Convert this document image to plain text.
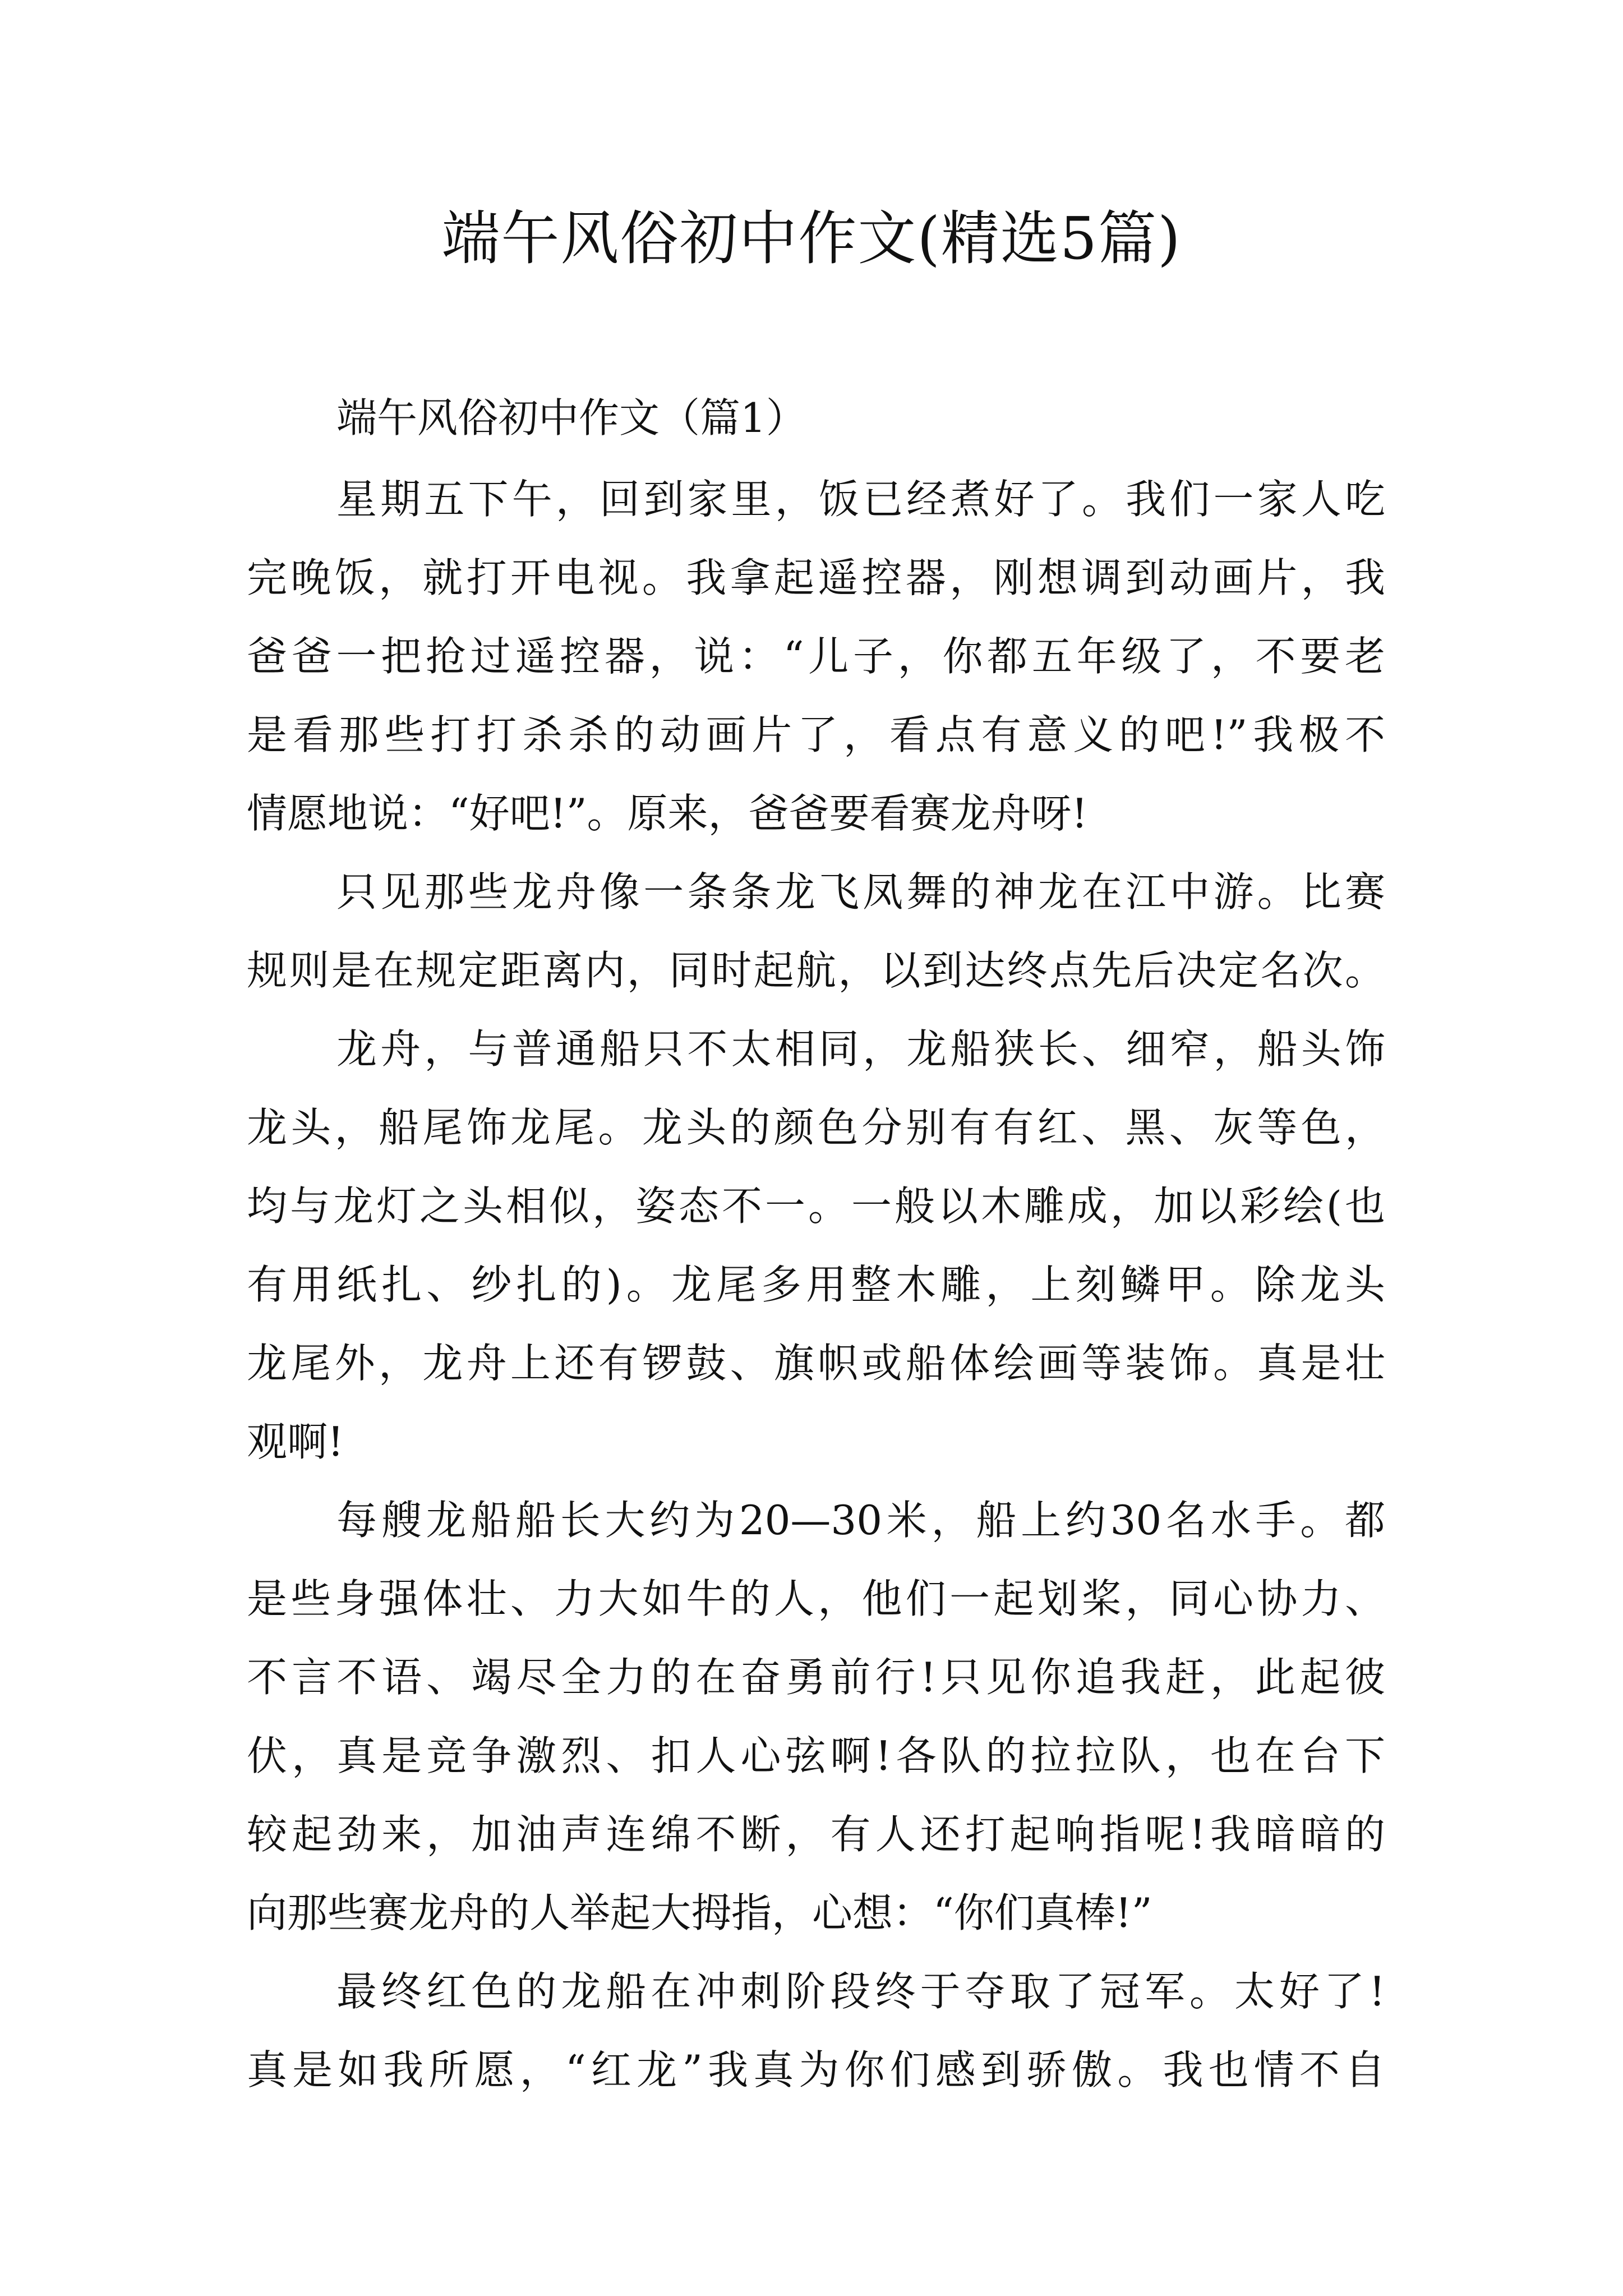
端午风俗初中作文(精选5篇)
端午风俗初中作文（篇1）
星期五下午，回到家里，饭已经煮好了。我们一家人吃
完晚饭，就打开电视。我拿起遥控器，刚想调到动画片，我
爸爸一把抢过遥控器，说：“儿子，你都五年级了，不要老
是看那些打打杀杀的动画片了，看点有意义的吧!”我极不
情愿地说：“好吧!”。原来，爸爸要看赛龙舟呀!
只见那些龙舟像一条条龙飞凤舞的神龙在江中游。比赛
规则是在规定距离内，同时起航，以到达终点先后决定名次。
龙舟，与普通船只不太相同，龙船狭长、细窄，船头饰
龙头，船尾饰龙尾。龙头的颜色分别有有红、黑、灰等色，
均与龙灯之头相似，姿态不一。一般以木雕成，加以彩绘(也
有用纸扎、纱扎的)。龙尾多用整木雕，上刻鳞甲。除龙头
龙尾外，龙舟上还有锣鼓、旗帜或船体绘画等装饰。真是壮
观啊!
每艘龙船船长大约为20—30米，船上约30名水手。都
是些身强体壮、力大如牛的人，他们一起划桨，同心协力、
不言不语、竭尽全力的在奋勇前行!只见你追我赶，此起彼
伏，真是竞争激烈、扣人心弦啊!各队的拉拉队，也在台下
较起劲来，加油声连绵不断，有人还打起响指呢!我暗暗的
向那些赛龙舟的人举起大拇指，心想：“你们真棒!”
最终红色的龙船在冲刺阶段终于夺取了冠军。太好了!
真是如我所愿，“红龙”我真为你们感到骄傲。我也情不自
